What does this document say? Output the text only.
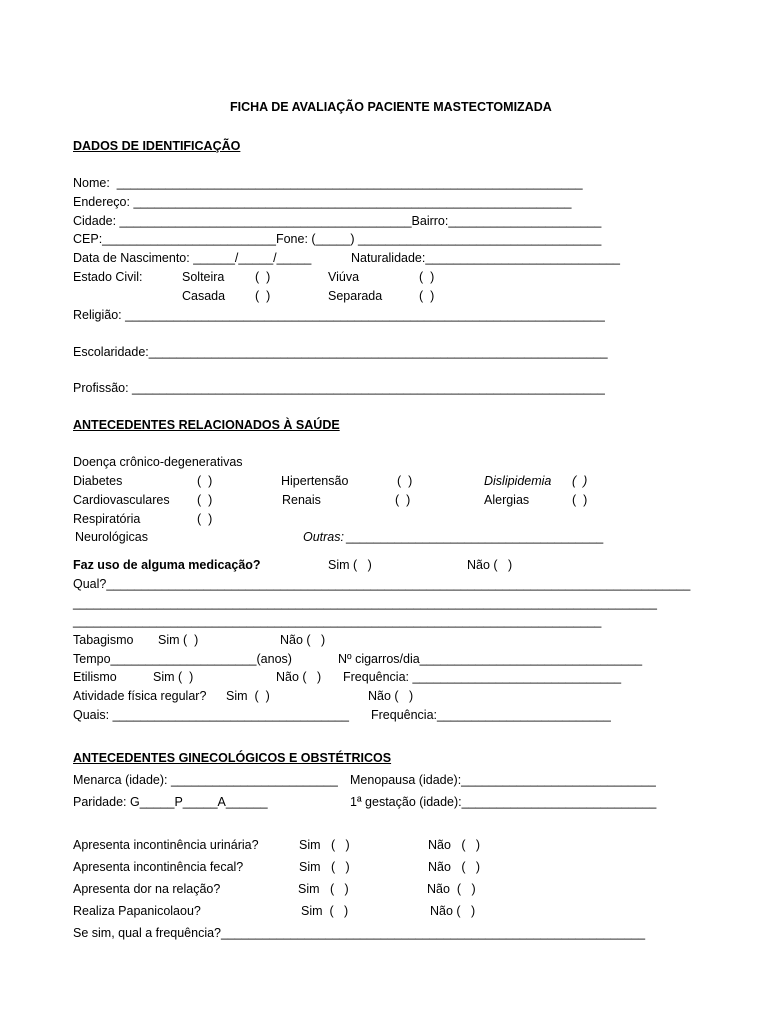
FICHA DE AVALIAÇÃO PACIENTE MASTECTOMIZADA
DADOS DE IDENTIFICAÇÃO
Nome:  ___________________________________________________________________
Endereço: _______________________________________________________________
Cidade: __________________________________________Bairro:______________________
CEP:_________________________Fone: (_____) ___________________________________
Data de Nascimento: ______/_____/_____	Naturalidade:____________________________
Estado Civil:	Solteira (  )	Viúva	(  )
Casada (  )	Separada	(  )
Religião: _____________________________________________________________________
Escolaridade:__________________________________________________________________
Profissão: ____________________________________________________________________
ANTECEDENTES RELACIONADOS À SAÚDE
Doença crônico-degenerativas
Diabetes	(  )	Hipertensão	(  )	Dislipidemia (  )
Cardiovasculares (  )	Renais	(  )	Alergias	(  )
Respiratória	(  )
Neurológicas	Outras: _____________________________________
Faz uso de alguma medicação?	Sim (   )	Não (   )
Qual?____________________________________________________________________________________
____________________________________________________________________________________
____________________________________________________________________________
Tabagismo Sim (  )	Não (   )
Tempo_____________________(anos)	Nº cigarros/dia________________________________
Etilismo	Sim (  )	Não (   ) Frequência: ______________________________
Atividade física regular? Sim  (  )	Não (   )
Quais: __________________________________ Frequência:_________________________
ANTECEDENTES GINECOLÓGICOS E OBSTÉTRICOS
Menarca (idade): ________________________ Menopausa (idade):____________________________
Paridade: G_____P_____A______	1ª gestação (idade):____________________________
Apresenta incontinência urinária?	Sim   (   )	Não   (   )
Apresenta incontinência fecal?	Sim   (   )	Não   (   )
Apresenta dor na relação?	Sim   (   )	Não  (   )
Realiza Papanicolaou?	Sim  (   )	Não (   )
Se sim, qual a frequência?_____________________________________________________________
